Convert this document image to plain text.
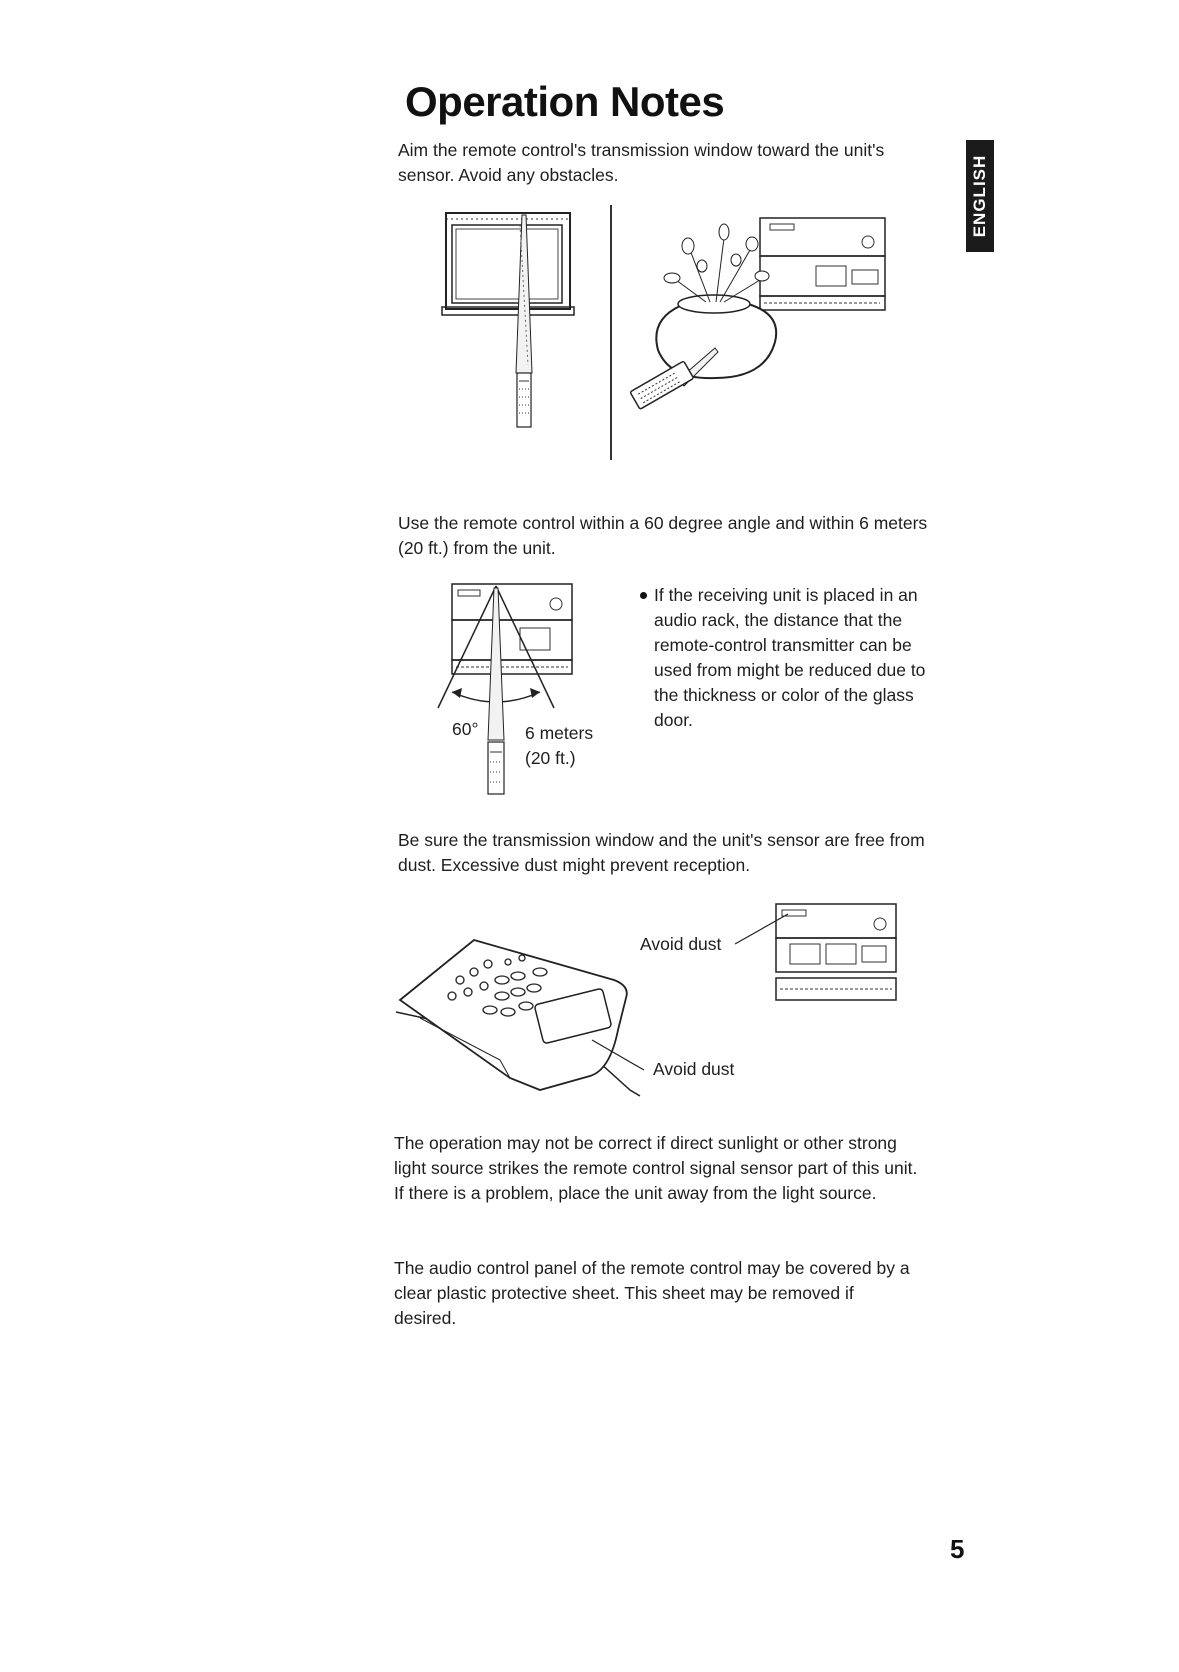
Operation Notes
ENGLISH

Aim the remote control's transmission window toward the unit's sensor. Avoid any obstacles.

Use the remote control within a 60 degree angle and within 6 meters (20 ft.) from the unit.

60°	6 meters
(20 ft.)
If the receiving unit is placed in an audio rack, the distance that the remote-control transmitter can be used from might be reduced due to the thickness or color of the glass door.

Be sure the transmission window and the unit's sensor are free from dust. Excessive dust might prevent reception.

Avoid dust
Avoid dust

The operation may not be correct if direct sunlight or other strong light source strikes the remote control signal sensor part of this unit. If there is a problem, place the unit away from the light source.

The audio control panel of the remote control may be covered by a clear plastic protective sheet. This sheet may be removed if desired.

5
